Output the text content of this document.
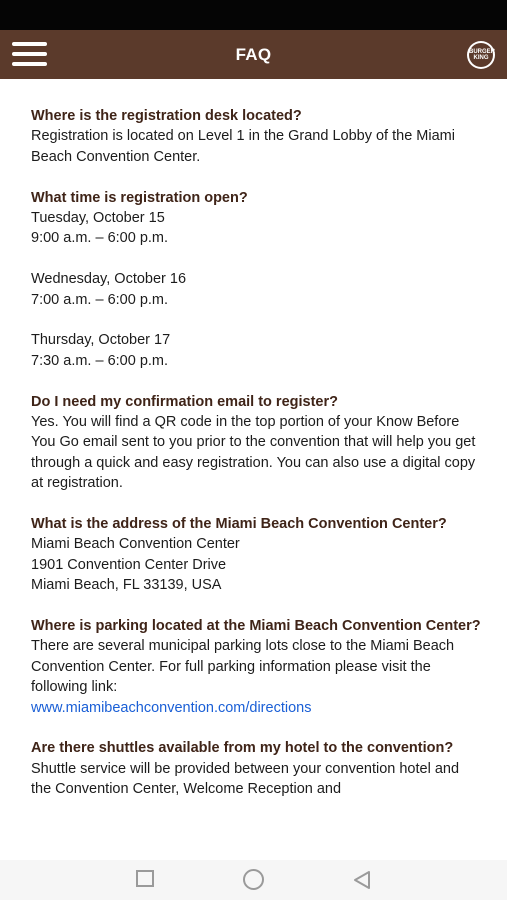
FAQ	BURGER
KING

Where is the registration desk located?

Registration is located on Level 1 in the Grand Lobby of the Miami Beach Convention Center.

What time is registration open?

Tuesday, October 15

9:00 a.m. – 6:00 p.m.

Wednesday, October 16

7:00 a.m. – 6:00 p.m.

Thursday, October 17

7:30 a.m. – 6:00 p.m.

Do I need my confirmation email to register?

Yes. You will find a QR code in the top portion of your Know Before You Go email sent to you prior to the convention that will help you get through a quick and easy registration. You can also use a digital copy at registration.

What is the address of the Miami Beach Convention Center?

Miami Beach Convention Center

1901 Convention Center Drive

Miami Beach, FL 33139, USA

Where is parking located at the Miami Beach Convention Center?

There are several municipal parking lots close to the Miami Beach Convention Center. For full parking information please visit the following link:

www.miamibeachconvention.com/directions

Are there shuttles available from my hotel to the convention?

Shuttle service will be provided between your convention hotel and the Convention Center, Welcome Reception and
